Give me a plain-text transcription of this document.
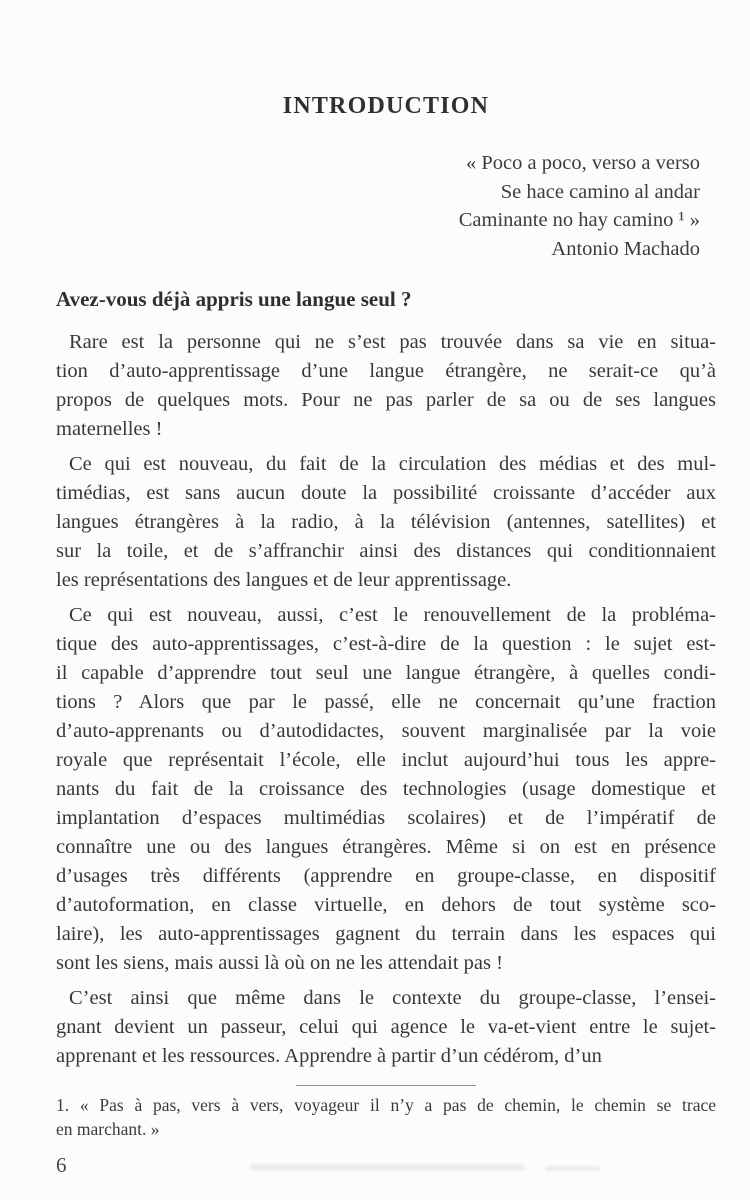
INTRODUCTION
« Poco a poco, verso a verso
Se hace camino al andar
Caminante no hay camino ¹ »
Antonio Machado
Avez-vous déjà appris une langue seul ?
Rare est la personne qui ne s’est pas trouvée dans sa vie en situa-
tion d’auto-apprentissage d’une langue étrangère, ne serait-ce qu’à
propos de quelques mots. Pour ne pas parler de sa ou de ses langues
maternelles !
Ce qui est nouveau, du fait de la circulation des médias et des mul-
timédias, est sans aucun doute la possibilité croissante d’accéder aux
langues étrangères à la radio, à la télévision (antennes, satellites) et
sur la toile, et de s’affranchir ainsi des distances qui conditionnaient
les représentations des langues et de leur apprentissage.
Ce qui est nouveau, aussi, c’est le renouvellement de la probléma-
tique des auto-apprentissages, c’est-à-dire de la question : le sujet est-
il capable d’apprendre tout seul une langue étrangère, à quelles condi-
tions ? Alors que par le passé, elle ne concernait qu’une fraction
d’auto-apprenants ou d’autodidactes, souvent marginalisée par la voie
royale que représentait l’école, elle inclut aujourd’hui tous les appre-
nants du fait de la croissance des technologies (usage domestique et
implantation d’espaces multimédias scolaires) et de l’impératif de
connaître une ou des langues étrangères. Même si on est en présence
d’usages très différents (apprendre en groupe-classe, en dispositif
d’autoformation, en classe virtuelle, en dehors de tout système sco-
laire), les auto-apprentissages gagnent du terrain dans les espaces qui
sont les siens, mais aussi là où on ne les attendait pas !
C’est ainsi que même dans le contexte du groupe-classe, l’ensei-
gnant devient un passeur, celui qui agence le va-et-vient entre le sujet-
apprenant et les ressources. Apprendre à partir d’un cédérom, d’un
1. « Pas à pas, vers à vers, voyageur il n’y a pas de chemin, le chemin se trace
en marchant. »
6
